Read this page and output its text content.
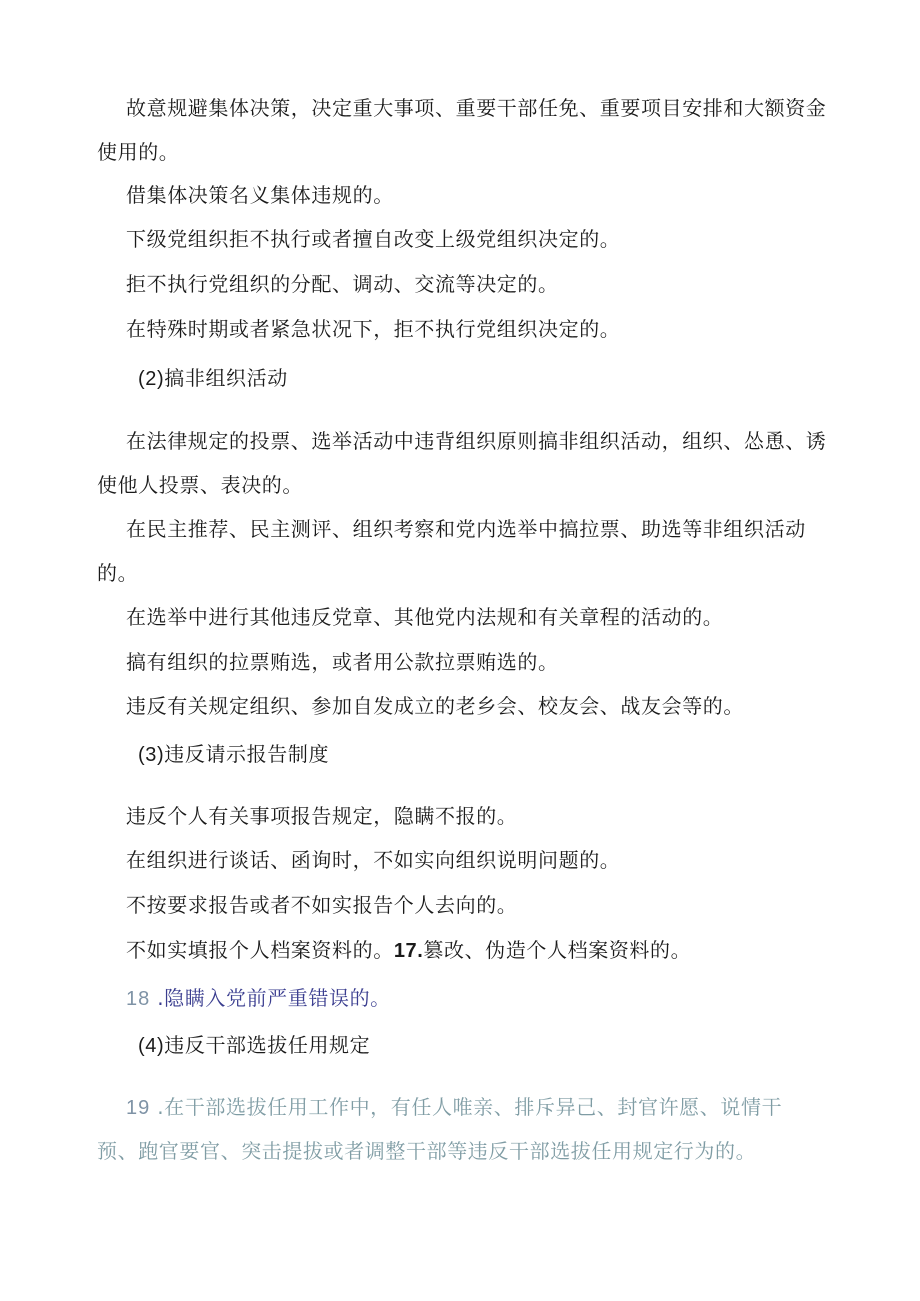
故意规避集体决策，决定重大事项、重要干部任免、重要项目安排和大额资金
使用的。
借集体决策名义集体违规的。
下级党组织拒不执行或者擅自改变上级党组织决定的。
拒不执行党组织的分配、调动、交流等决定的。
在特殊时期或者紧急状况下，拒不执行党组织决定的。
(2)搞非组织活动
在法律规定的投票、选举活动中违背组织原则搞非组织活动，组织、怂恿、诱
使他人投票、表决的。
在民主推荐、民主测评、组织考察和党内选举中搞拉票、助选等非组织活动
的。
在选举中进行其他违反党章、其他党内法规和有关章程的活动的。
搞有组织的拉票贿选，或者用公款拉票贿选的。
违反有关规定组织、参加自发成立的老乡会、校友会、战友会等的。
(3)违反请示报告制度
违反个人有关事项报告规定，隐瞒不报的。
在组织进行谈话、函询时，不如实向组织说明问题的。
不按要求报告或者不如实报告个人去向的。
不如实填报个人档案资料的。17.篡改、伪造个人档案资料的。
18 .隐瞒入党前严重错误的。
(4)违反干部选拔任用规定
19 .在干部选拔任用工作中，有任人唯亲、排斥异己、封官许愿、说情干
预、跑官要官、突击提拔或者调整干部等违反干部选拔任用规定行为的。
